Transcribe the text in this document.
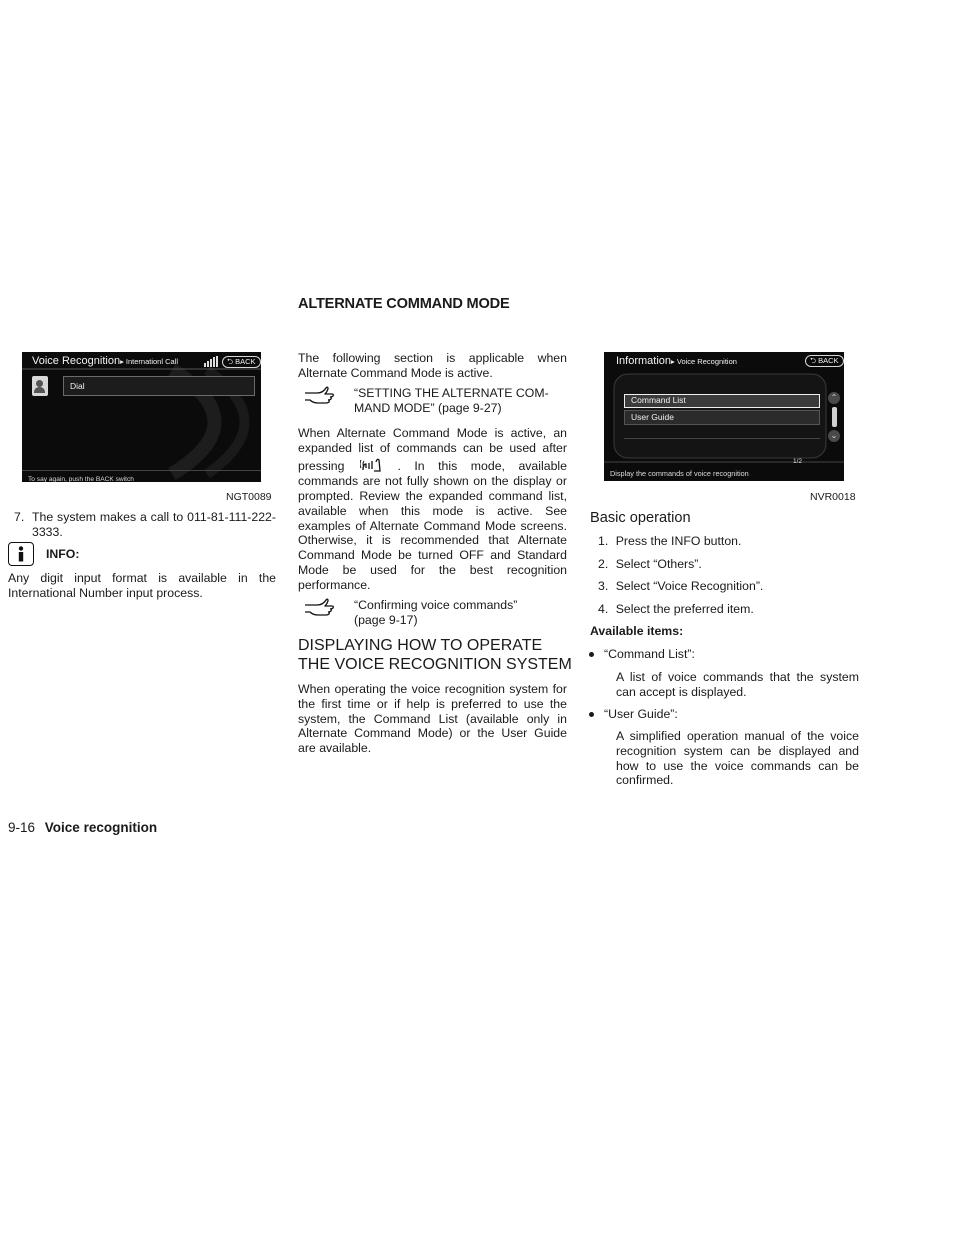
Voice Recognition▸ Internationl Call	⮌ BACK
Dial
To say again, push the BACK switch
NGT0089
7. The system makes a call to 011-81-111-222-3333.
INFO:
Any digit input format is available in the International Number input process.
ALTERNATE COMMAND MODE
The following section is applicable when Alternate Command Mode is active.
“SETTING THE ALTERNATE COM-
MAND MODE” (page 9-27)
When Alternate Command Mode is active, an expanded list of commands can be used after pressing	. In this mode, available commands are not fully shown on the display or prompted. Review the expanded command list, available when this mode is active. See examples of Alternate Command Mode screens. Otherwise, it is recommended that Alternate Command Mode be turned OFF and Standard Mode be used for the best recognition performance.
“Confirming voice commands”
(page 9-17)
DISPLAYING HOW TO OPERATE
THE VOICE RECOGNITION SYSTEM
When operating the voice recognition system for the first time or if help is preferred to use the system, the Command List (available only in Alternate Command Mode) or the User Guide are available.
Information▸ Voice Recognition	⮌ BACK
Command List
User Guide
⌃
⌄
1/2
Display the commands of voice recognition
NVR0018
Basic operation
1. Press the INFO button.
2. Select “Others”.
3. Select “Voice Recognition”.
4. Select the preferred item.
Available items:
“Command List”:
A list of voice commands that the system can accept is displayed.
“User Guide”:
A simplified operation manual of the voice recognition system can be displayed and how to use the voice commands can be confirmed.
9-16 Voice recognition
